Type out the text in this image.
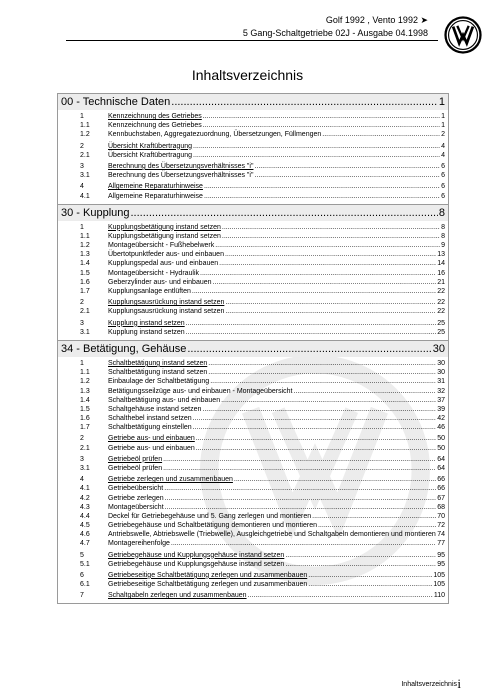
Golf 1992 , Vento 1992 ➤
5 Gang-Schaltgetriebe 02J - Ausgabe 04.1998
Inhaltsverzeichnis
00 - Technische Daten .....	1
1	Kennzeichnung des Getriebes .....	1
1.1	Kennzeichnung des Getriebes .....	1
1.2	Kennbuchstaben, Aggregatezuordnung, Übersetzungen, Füllmengen .....	2
2	Übersicht Kraftübertragung .....	4
2.1	Übersicht Kraftübertragung .....	4
3	Berechnung des Übersetzungsverhältnisses "i" .....	6
3.1	Berechnung des Übersetzungsverhältnisses "i" .....	6
4	Allgemeine Reparaturhinweise .....	6
4.1	Allgemeine Reparaturhinweise .....	6
30 - Kupplung .....	8
1	Kupplungsbetätigung instand setzen .....	8
1.1	Kupplungsbetätigung instand setzen .....	8
1.2	Montageübersicht - Fußhebelwerk .....	9
1.3	Übertotpunktfeder aus- und einbauen .....	13
1.4	Kupplungspedal aus- und einbauen .....	14
1.5	Montageübersicht - Hydraulik .....	16
1.6	Geberzylinder aus- und einbauen .....	21
1.7	Kupplungsanlage entlüften .....	22
2	Kupplungsausrückung instand setzen .....	22
2.1	Kupplungsausrückung instand setzen .....	22
3	Kupplung instand setzen .....	25
3.1	Kupplung instand setzen .....	25
34 - Betätigung, Gehäuse .....	30
1	Schaltbetätigung instand setzen .....	30
1.1	Schaltbetätigung instand setzen .....	30
1.2	Einbaulage der Schaltbetätigung .....	31
1.3	Betätigungsseilzüge aus- und einbauen - Montageübersicht .....	32
1.4	Schaltbetätigung aus- und einbauen .....	37
1.5	Schaltgehäuse instand setzen .....	39
1.6	Schalthebel instand setzen .....	42
1.7	Schaltbetätigung einstellen .....	46
2	Getriebe aus- und einbauen .....	50
2.1	Getriebe aus- und einbauen .....	50
3	Getriebeöl prüfen .....	64
3.1	Getriebeöl prüfen .....	64
4	Getriebe zerlegen und zusammenbauen .....	66
4.1	Getriebeübersicht .....	66
4.2	Getriebe zerlegen .....	67
4.3	Montageübersicht .....	68
4.4	Deckel für Getriebegehäuse und 5. Gang zerlegen und montieren .....	70
4.5	Getriebegehäuse und Schaltbetätigung demontieren und montieren .....	72
4.6	Antriebswelle, Abtriebswelle (Triebwelle), Ausgleichgetriebe und Schaltgabeln demontieren und montieren 74
4.7	Montagereihenfolge .....	77
5	Getriebegehäuse und Kupplungsgehäuse instand setzen .....	95
5.1	Getriebegehäuse und Kupplungsgehäuse instand setzen .....	95
6	Getriebeseitige Schaltbetätigung zerlegen und zusammenbauen .....	105
6.1	Getriebeseitige Schaltbetätigung zerlegen und zusammenbauen .....	105
7	Schaltgabeln zerlegen und zusammenbauen .....	110
Inhaltsverzeichnis i
